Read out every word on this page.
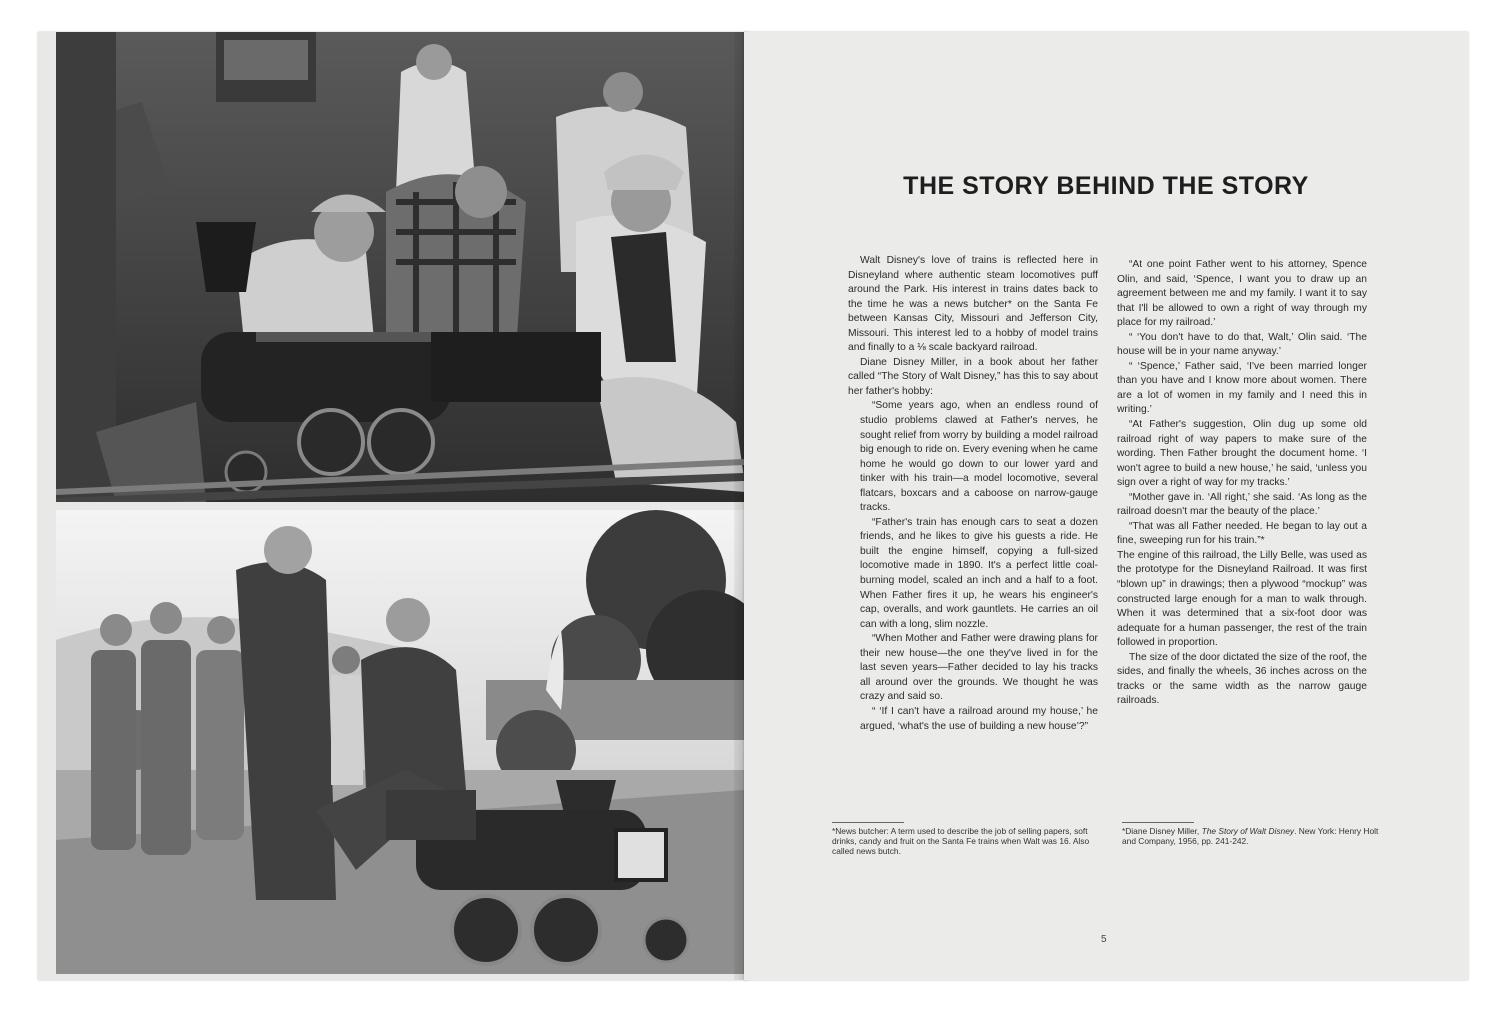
THE STORY BEHIND THE STORY

Walt Disney's love of trains is reflected here in Disneyland where authentic steam locomotives puff around the Park. His interest in trains dates back to the time he was a news butcher* on the Santa Fe between Kansas City, Missouri and Jefferson City, Missouri. This interest led to a hobby of model trains and finally to a ⅛ scale backyard railroad.

Diane Disney Miller, in a book about her father called “The Story of Walt Disney,” has this to say about her father's hobby:

“Some years ago, when an endless round of studio problems clawed at Father's nerves, he sought relief from worry by building a model railroad big enough to ride on. Every evening when he came home he would go down to our lower yard and tinker with his train—a model locomotive, several flatcars, boxcars and a caboose on narrow-gauge tracks.

“Father's train has enough cars to seat a dozen friends, and he likes to give his guests a ride. He built the engine himself, copying a full-sized locomotive made in 1890. It's a perfect little coal-burning model, scaled an inch and a half to a foot. When Father fires it up, he wears his engineer's cap, overalls, and work gauntlets. He carries an oil can with a long, slim nozzle.

“When Mother and Father were drawing plans for their new house—the one they've lived in for the last seven years—Father decided to lay his tracks all around over the grounds. We thought he was crazy and said so.

“ ‘If I can't have a railroad around my house,’ he argued, ‘what's the use of building a new house’?”

“At one point Father went to his attorney, Spence Olin, and said, ‘Spence, I want you to draw up an agreement between me and my family. I want it to say that I'll be allowed to own a right of way through my place for my railroad.’

“ ‘You don't have to do that, Walt,’ Olin said. ‘The house will be in your name anyway.’

“ ‘Spence,’ Father said, ‘I've been married longer than you have and I know more about women. There are a lot of women in my family and I need this in writing.’

“At Father's suggestion, Olin dug up some old railroad right of way papers to make sure of the wording. Then Father brought the document home. ‘I won't agree to build a new house,’ he said, ‘unless you sign over a right of way for my tracks.’

“Mother gave in. ‘All right,’ she said. ‘As long as the railroad doesn't mar the beauty of the place.’

“That was all Father needed. He began to lay out a fine, sweeping run for his train.”*

The engine of this railroad, the Lilly Belle, was used as the prototype for the Disneyland Railroad. It was first “blown up” in drawings; then a plywood “mockup” was constructed large enough for a man to walk through. When it was determined that a six-foot door was adequate for a human passenger, the rest of the train followed in proportion.

The size of the door dictated the size of the roof, the sides, and finally the wheels, 36 inches across on the tracks or the same width as the narrow gauge railroads.

*News butcher: A term used to describe the job of selling papers, soft drinks, candy and fruit on the Santa Fe trains when Walt was 16. Also called news butch.
*Diane Disney Miller, The Story of Walt Disney. New York: Henry Holt and Company, 1956, pp. 241-242.
5
